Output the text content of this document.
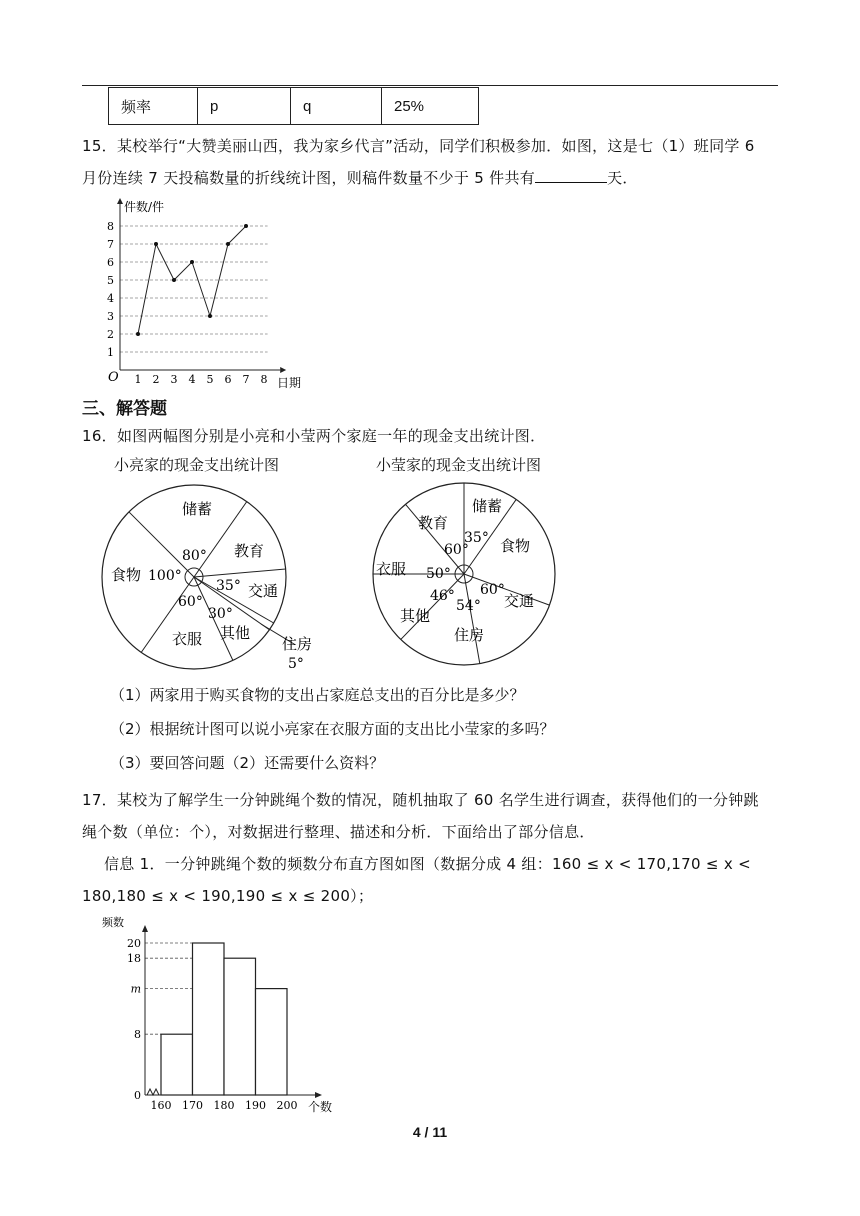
频率	p	q	25%
15．某校举行“大赞美丽山西，我为家乡代言”活动，同学们积极参加．如图，这是七（1）班同学 6
月份连续 7 天投稿数量的折线统计图，则稿件数量不少于 5 件共有	天．
1
2
3
4
5
6
7
8
1 2 3 4 5 6 7 8
件数/件
日期
O
三、解答题
16．如图两幅图分别是小亮和小莹两个家庭一年的现金支出统计图．
小亮家的现金支出统计图	小莹家的现金支出统计图
储蓄
教育
交通
住房
其他
衣服
食物
80°
35°
30°
60°
100°
5°
储蓄
食物
交通
住房
其他
衣服
教育
35°
60°
50°
46°
54°
60°
（1）两家用于购买食物的支出占家庭总支出的百分比是多少？
（2）根据统计图可以说小亮家在衣服方面的支出比小莹家的多吗？
（3）要回答问题（2）还需要什么资料？
17．某校为了解学生一分钟跳绳个数的情况，随机抽取了 60 名学生进行调查，获得他们的一分钟跳
绳个数（单位：个），对数据进行整理、描述和分析．下面给出了部分信息．
信息 1．一分钟跳绳个数的频数分布直方图如图（数据分成 4 组：160 ≤ x < 170,170 ≤ x <
180,180 ≤ x < 190,190 ≤ x ≤ 200）；
160 170 180 190 200
0
8
m
18
20
频数
个数
4 / 11
